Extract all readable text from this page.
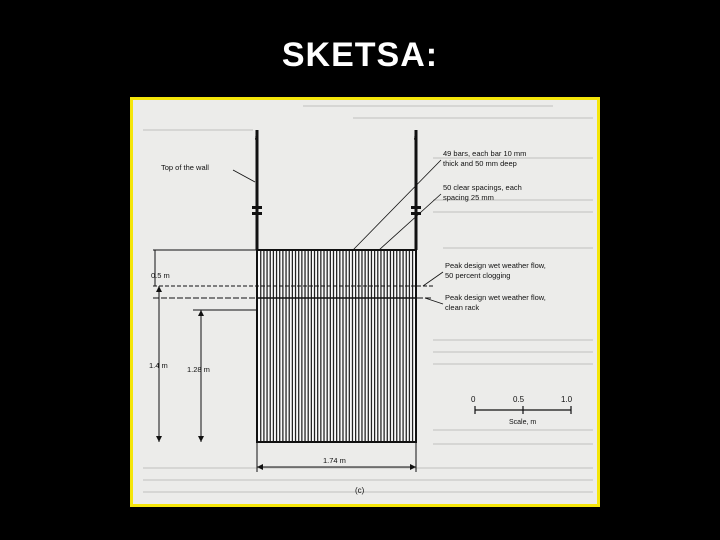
SKETSA:
≈	≈
0.5 m
1.4 m	1.28 m
1.74 m
(c)
Top of the wall
49 bars, each bar 10 mm
thick and 50 mm deep
50 clear spacings, each
spacing 25 mm
Peak design wet weather flow,
50 percent clogging
Peak design wet weather flow,
clean rack
0	0.5	1.0
Scale, m
